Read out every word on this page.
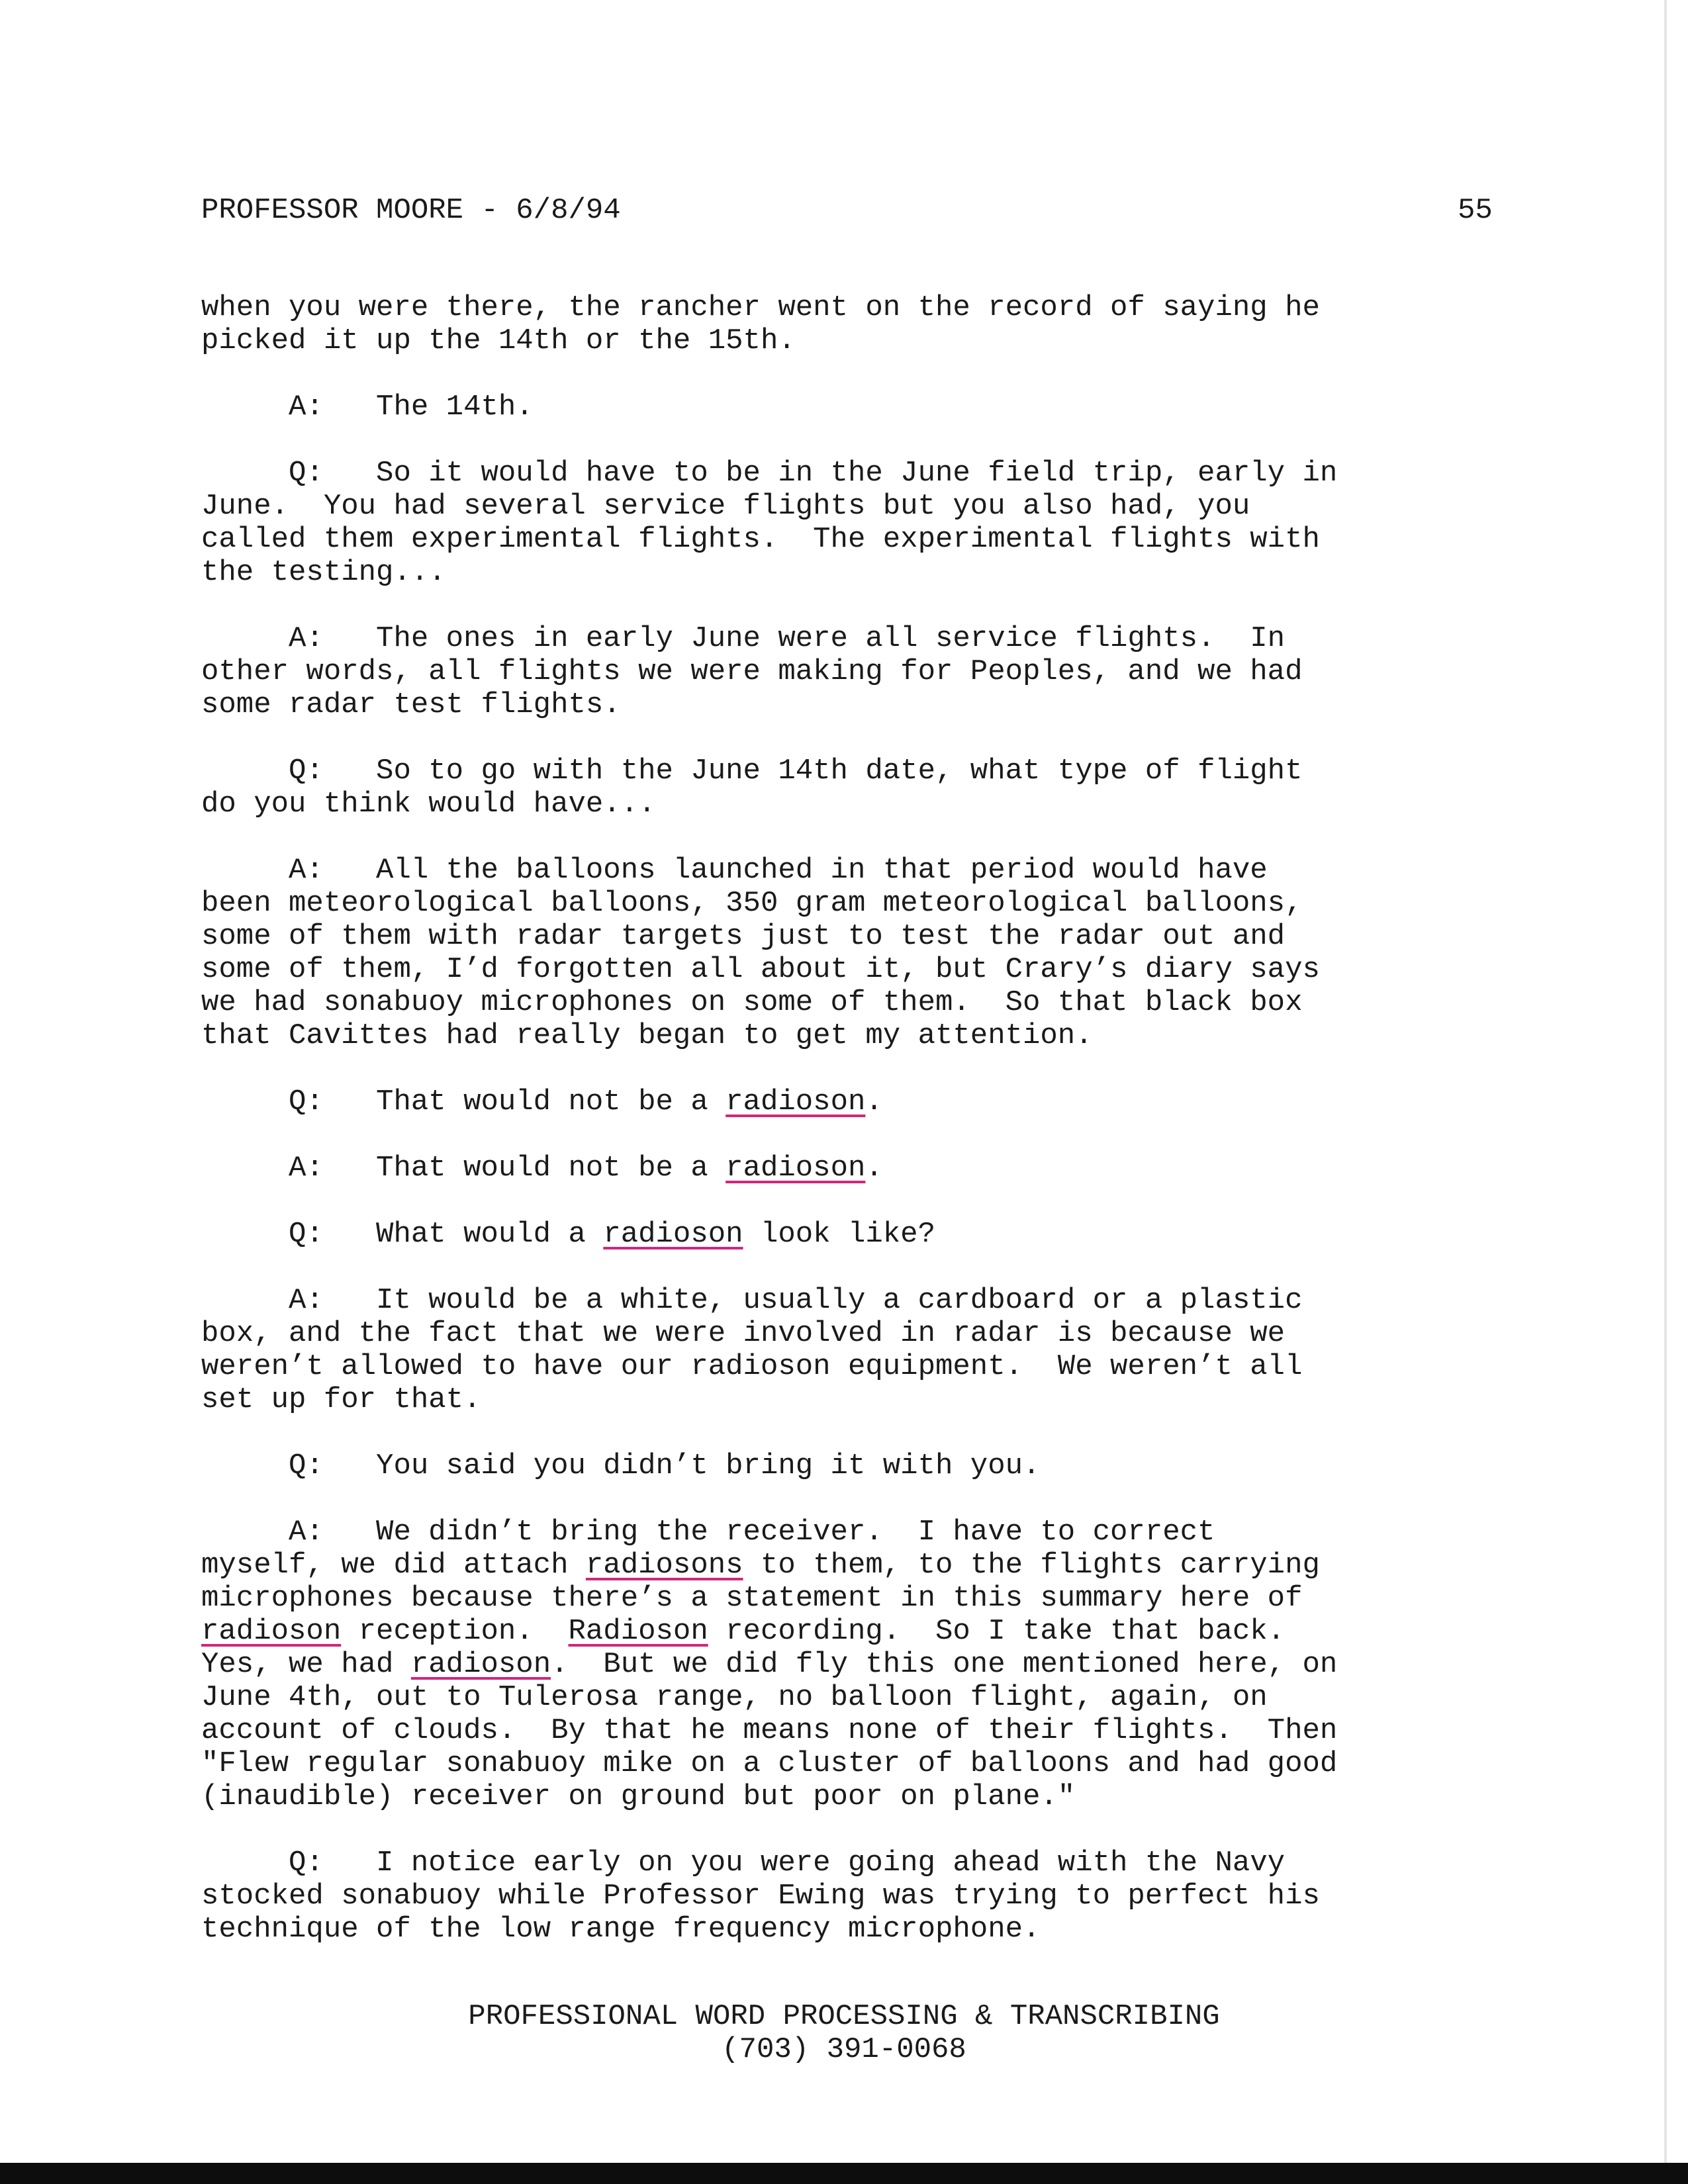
PROFESSOR MOORE - 6/8/94	55
when you were there, the rancher went on the record of saying he
picked it up the 14th or the 15th.
A:   The 14th.
Q:   So it would have to be in the June field trip, early in
June.  You had several service flights but you also had, you
called them experimental flights.  The experimental flights with
the testing...
A:   The ones in early June were all service flights.  In
other words, all flights we were making for Peoples, and we had
some radar test flights.
Q:   So to go with the June 14th date, what type of flight
do you think would have...
A:   All the balloons launched in that period would have
been meteorological balloons, 350 gram meteorological balloons,
some of them with radar targets just to test the radar out and
some of them, I’d forgotten all about it, but Crary’s diary says
we had sonabuoy microphones on some of them.  So that black box
that Cavittes had really began to get my attention.
Q:   That would not be a radioson.
A:   That would not be a radioson.
Q:   What would a radioson look like?
A:   It would be a white, usually a cardboard or a plastic
box, and the fact that we were involved in radar is because we
weren’t allowed to have our radioson equipment.  We weren’t all
set up for that.
Q:   You said you didn’t bring it with you.
A:   We didn’t bring the receiver.  I have to correct
myself, we did attach radiosons to them, to the flights carrying
microphones because there’s a statement in this summary here of
radioson reception.  Radioson recording.  So I take that back.
Yes, we had radioson.  But we did fly this one mentioned here, on
June 4th, out to Tulerosa range, no balloon flight, again, on
account of clouds.  By that he means none of their flights.  Then
"Flew regular sonabuoy mike on a cluster of balloons and had good
(inaudible) receiver on ground but poor on plane."
Q:   I notice early on you were going ahead with the Navy
stocked sonabuoy while Professor Ewing was trying to perfect his
technique of the low range frequency microphone.
PROFESSIONAL WORD PROCESSING & TRANSCRIBING
(703) 391-0068
